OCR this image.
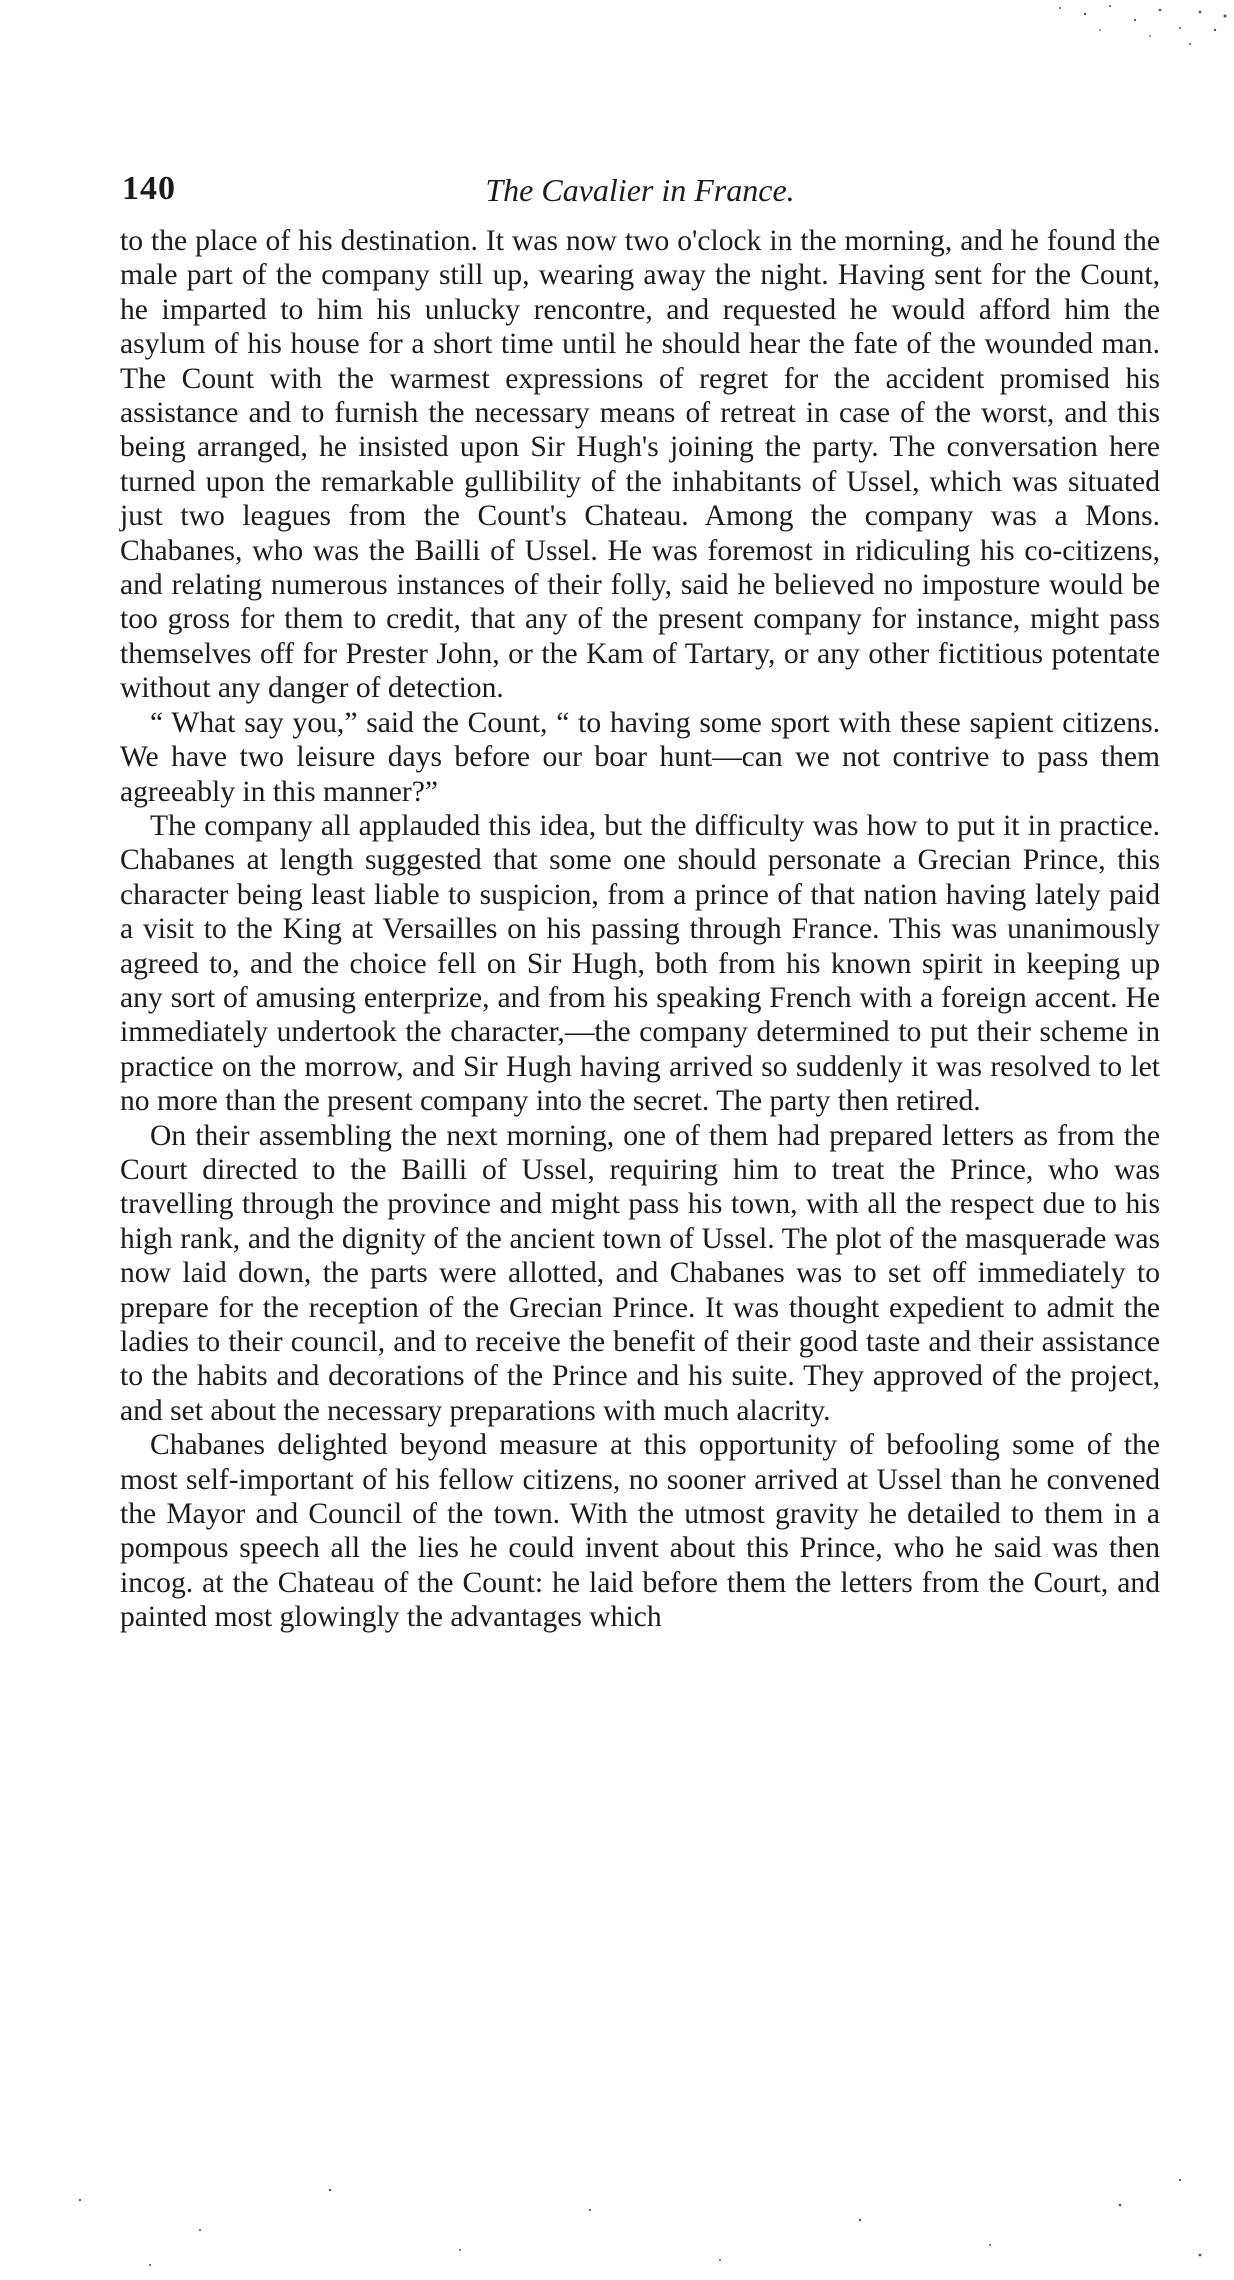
140	The Cavalier in France.

to the place of his destination. It was now two o'clock in the morning, and he found the male part of the company still up, wearing away the night. Having sent for the Count, he imparted to him his unlucky rencontre, and requested he would afford him the asylum of his house for a short time until he should hear the fate of the wounded man. The Count with the warmest expressions of regret for the accident promised his assistance and to furnish the necessary means of retreat in case of the worst, and this being arranged, he insisted upon Sir Hugh's joining the party. The conversation here turned upon the remarkable gullibility of the inhabitants of Ussel, which was situated just two leagues from the Count's Chateau. Among the company was a Mons. Chabanes, who was the Bailli of Ussel. He was foremost in ridiculing his co-citizens, and relating numerous instances of their folly, said he believed no imposture would be too gross for them to credit, that any of the present company for instance, might pass themselves off for Prester John, or the Kam of Tartary, or any other fictitious potentate without any danger of detection.

“ What say you,” said the Count, “ to having some sport with these sapient citizens. We have two leisure days before our boar hunt—can we not contrive to pass them agreeably in this manner?”

The company all applauded this idea, but the difficulty was how to put it in practice. Chabanes at length suggested that some one should personate a Grecian Prince, this character being least liable to suspicion, from a prince of that nation having lately paid a visit to the King at Versailles on his passing through France. This was unanimously agreed to, and the choice fell on Sir Hugh, both from his known spirit in keeping up any sort of amusing enterprize, and from his speaking French with a foreign accent. He immediately undertook the character,—the company determined to put their scheme in practice on the morrow, and Sir Hugh having arrived so suddenly it was resolved to let no more than the present company into the secret. The party then retired.

On their assembling the next morning, one of them had prepared letters as from the Court directed to the Bailli of Ussel, requiring him to treat the Prince, who was travelling through the province and might pass his town, with all the respect due to his high rank, and the dignity of the ancient town of Ussel. The plot of the masquerade was now laid down, the parts were allotted, and Chabanes was to set off immediately to prepare for the reception of the Grecian Prince. It was thought expedient to admit the ladies to their council, and to receive the benefit of their good taste and their assistance to the habits and decorations of the Prince and his suite. They approved of the project, and set about the necessary preparations with much alacrity.

Chabanes delighted beyond measure at this opportunity of befooling some of the most self-important of his fellow citizens, no sooner arrived at Ussel than he convened the Mayor and Council of the town. With the utmost gravity he detailed to them in a pompous speech all the lies he could invent about this Prince, who he said was then incog. at the Chateau of the Count: he laid before them the letters from the Court, and painted most glowingly the advantages which
